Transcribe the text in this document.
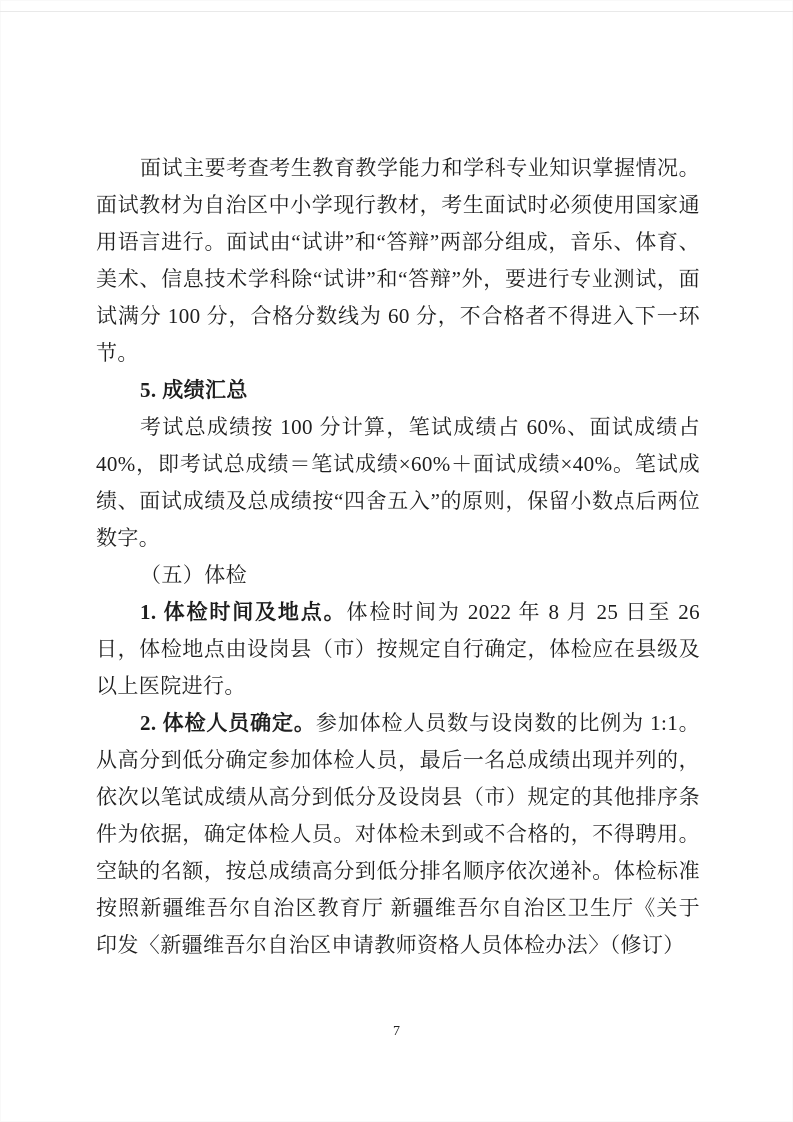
面试主要考查考生教育教学能力和学科专业知识掌握情况。面试教材为自治区中小学现行教材，考生面试时必须使用国家通用语言进行。面试由“试讲”和“答辩”两部分组成，音乐、体育、美术、信息技术学科除“试讲”和“答辩”外，要进行专业测试，面试满分 100 分，合格分数线为 60 分，不合格者不得进入下一环节。

5. 成绩汇总

考试总成绩按 100 分计算，笔试成绩占 60%、面试成绩占 40%，即考试总成绩＝笔试成绩×60%＋面试成绩×40%。笔试成绩、面试成绩及总成绩按“四舍五入”的原则，保留小数点后两位数字。

（五）体检

1. 体检时间及地点。体检时间为 2022 年 8 月 25 日至 26 日，体检地点由设岗县（市）按规定自行确定，体检应在县级及以上医院进行。

2. 体检人员确定。参加体检人员数与设岗数的比例为 1:1。从高分到低分确定参加体检人员，最后一名总成绩出现并列的，依次以笔试成绩从高分到低分及设岗县（市）规定的其他排序条件为依据，确定体检人员。对体检未到或不合格的，不得聘用。空缺的名额，按总成绩高分到低分排名顺序依次递补。体检标准按照新疆维吾尔自治区教育厅 新疆维吾尔自治区卫生厅《关于印发〈新疆维吾尔自治区申请教师资格人员体检办法〉（修订）

7
